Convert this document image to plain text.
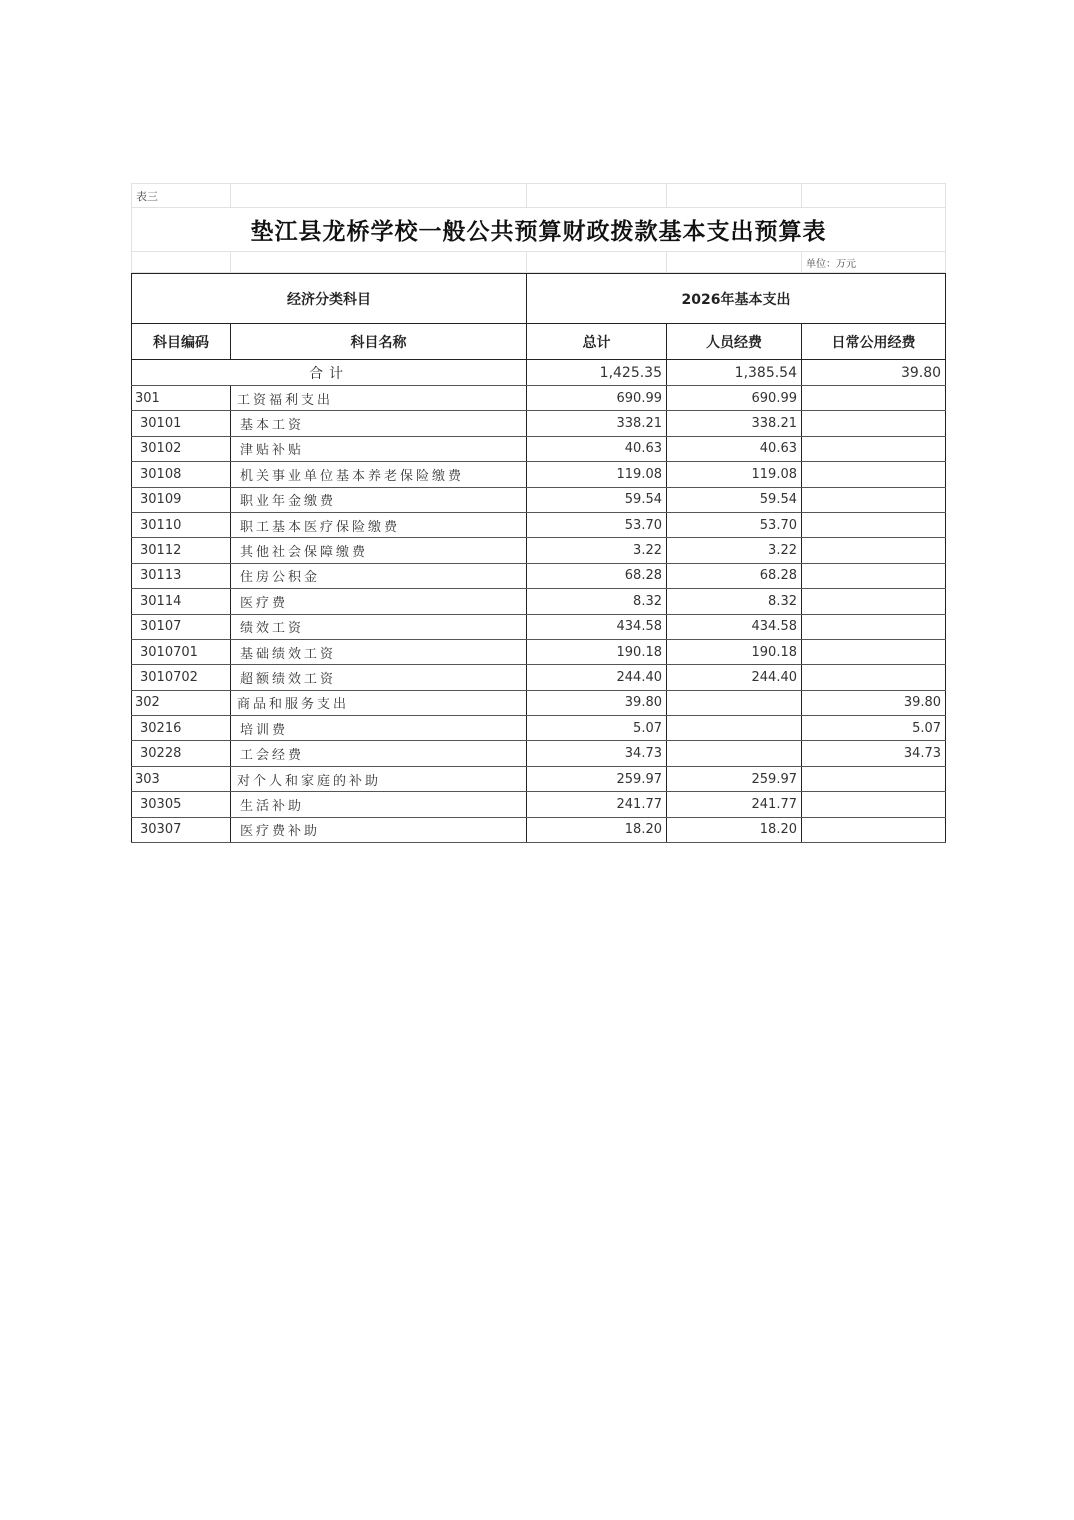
表三				
垫江县龙桥学校一般公共预算财政拨款基本支出预算表				
				单位：万元
经济分类科目		2026年基本支出		
科目编码	科目名称	总计	人员经费	日常公用经费
合计		1,425.35	1,385.54	39.80
301	工资福利支出	690.99	690.99	
30101	基本工资	338.21	338.21	
30102	津贴补贴	40.63	40.63	
30108	机关事业单位基本养老保险缴费	119.08	119.08	
30109	职业年金缴费	59.54	59.54	
30110	职工基本医疗保险缴费	53.70	53.70	
30112	其他社会保障缴费	3.22	3.22	
30113	住房公积金	68.28	68.28	
30114	医疗费	8.32	8.32	
30107	绩效工资	434.58	434.58	
3010701	基础绩效工资	190.18	190.18	
3010702	超额绩效工资	244.40	244.40	
302	商品和服务支出	39.80		39.80
30216	培训费	5.07		5.07
30228	工会经费	34.73		34.73
303	对个人和家庭的补助	259.97	259.97	
30305	生活补助	241.77	241.77	
30307	医疗费补助	18.20	18.20	
